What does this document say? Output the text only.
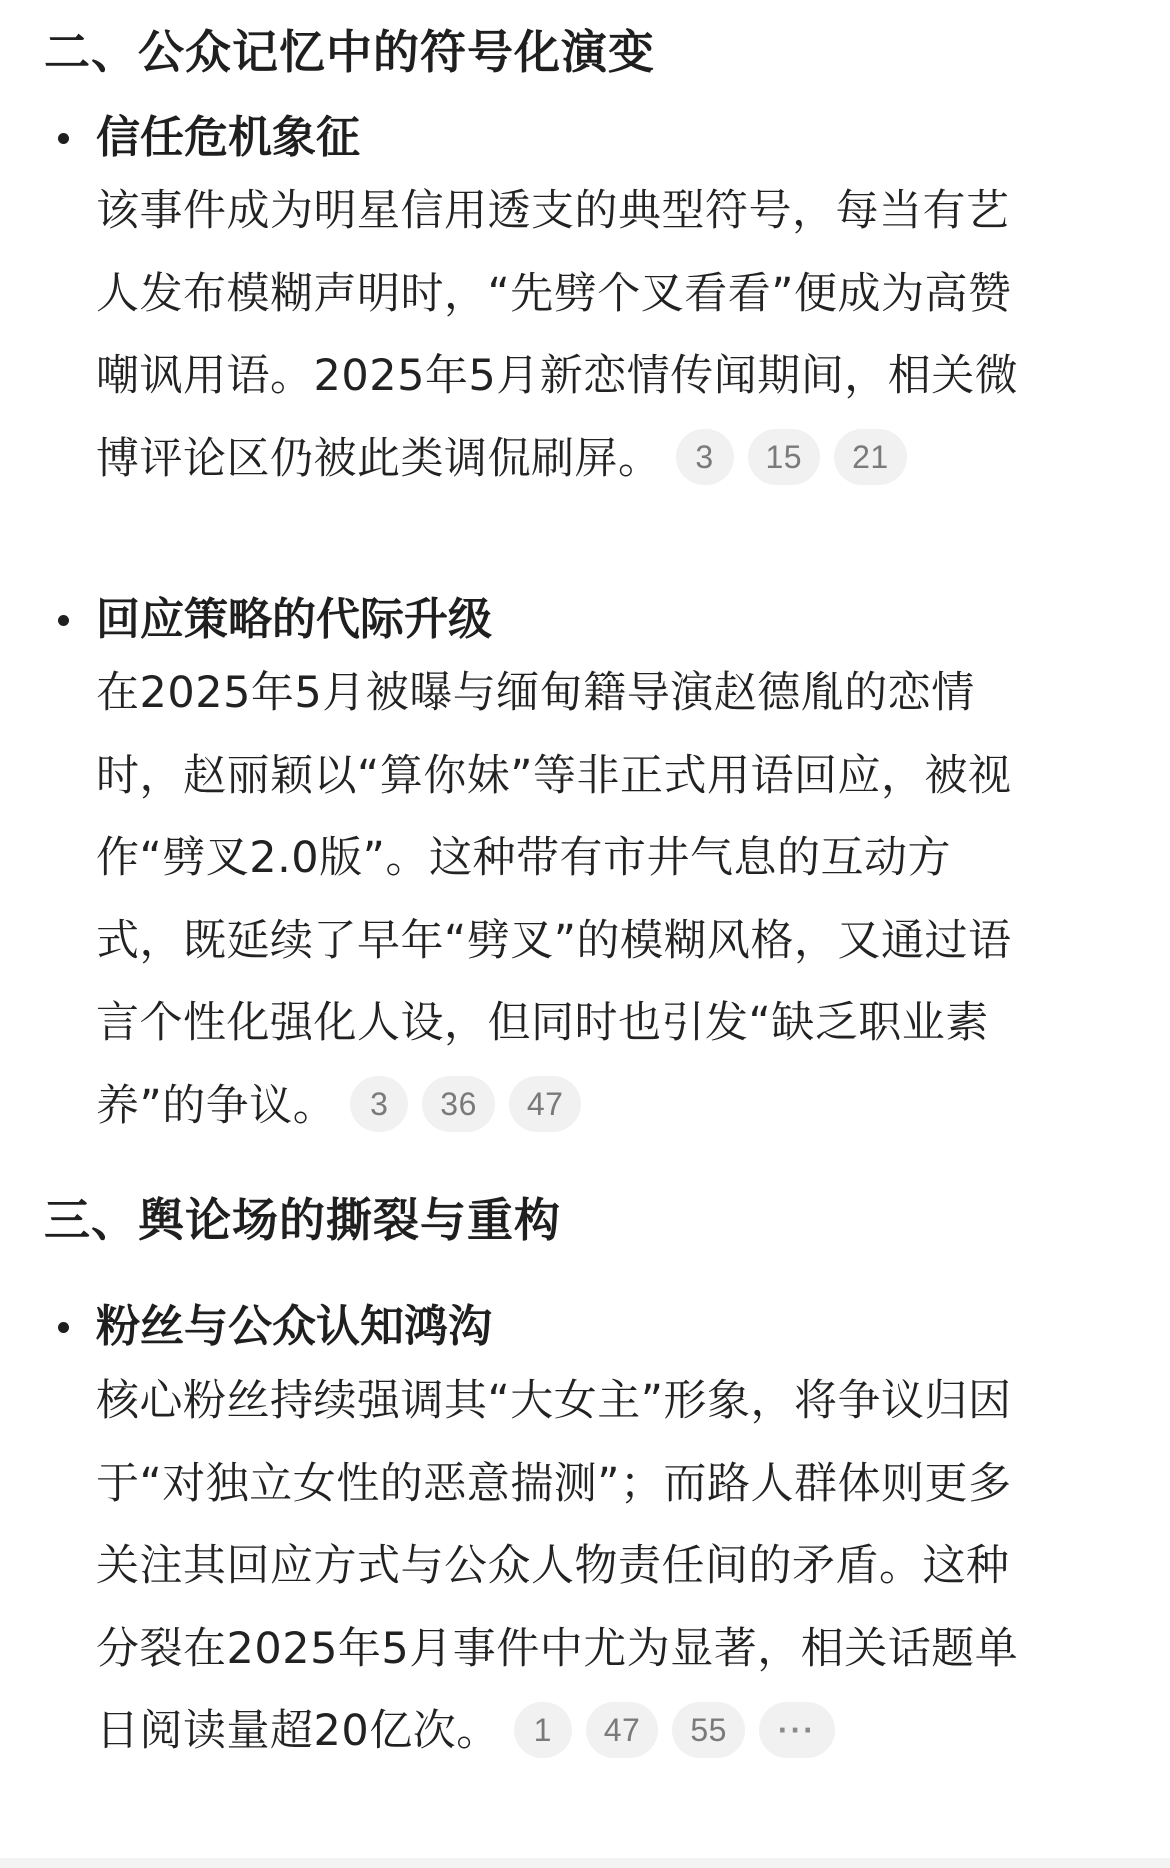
二、公众记忆中的符号化演变
信任危机象征
该事件成为明星信用透支的典型符号，每当有艺
人发布模糊声明时，“先劈个叉看看”便成为高赞
嘲讽用语。2025年5月新恋情传闻期间，相关微
博评论区仍被此类调侃刷屏。 3 15 21
回应策略的代际升级
在2025年5月被曝与缅甸籍导演赵德胤的恋情
时，赵丽颖以“算你妹”等非正式用语回应，被视
作“劈叉2.0版”。这种带有市井气息的互动方
式，既延续了早年“劈叉”的模糊风格，又通过语
言个性化强化人设，但同时也引发“缺乏职业素
养”的争议。 3 36 47
三、舆论场的撕裂与重构
粉丝与公众认知鸿沟
核心粉丝持续强调其“大女主”形象，将争议归因
于“对独立女性的恶意揣测”；而路人群体则更多
关注其回应方式与公众人物责任间的矛盾。这种
分裂在2025年5月事件中尤为显著，相关话题单
日阅读量超20亿次。 1 47 55 ···
